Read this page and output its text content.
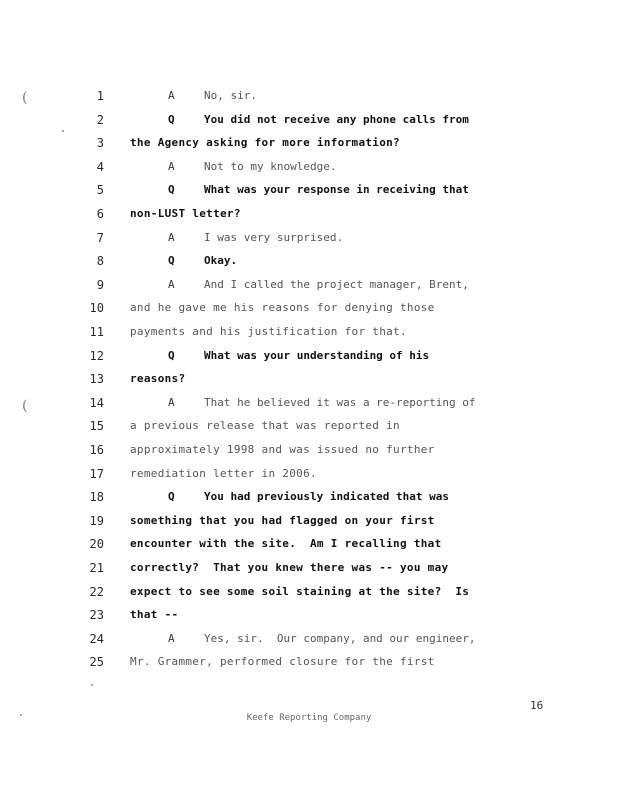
(
(
1	A	No, sir.
2	Q	You did not receive any phone calls from
3 the Agency asking for more information?
4	A	Not to my knowledge.
5	Q	What was your response in receiving that
6 non-LUST letter?
7	A	I was very surprised.
8	Q	Okay.
9	A	And I called the project manager, Brent,
10 and he gave me his reasons for denying those
11 payments and his justification for that.
12	Q	What was your understanding of his
13 reasons?
14	A	That he believed it was a re-reporting of
15 a previous release that was reported in
16 approximately 1998 and was issued no further
17 remediation letter in 2006.
18	Q	You had previously indicated that was
19 something that you had flagged on your first
20 encounter with the site.  Am I recalling that
21 correctly?  That you knew there was -- you may
22 expect to see some soil staining at the site?  Is
23 that --
24	A	Yes, sir.  Our company, and our engineer,
25 Mr. Grammer, performed closure for the first
16
Keefe Reporting Company
